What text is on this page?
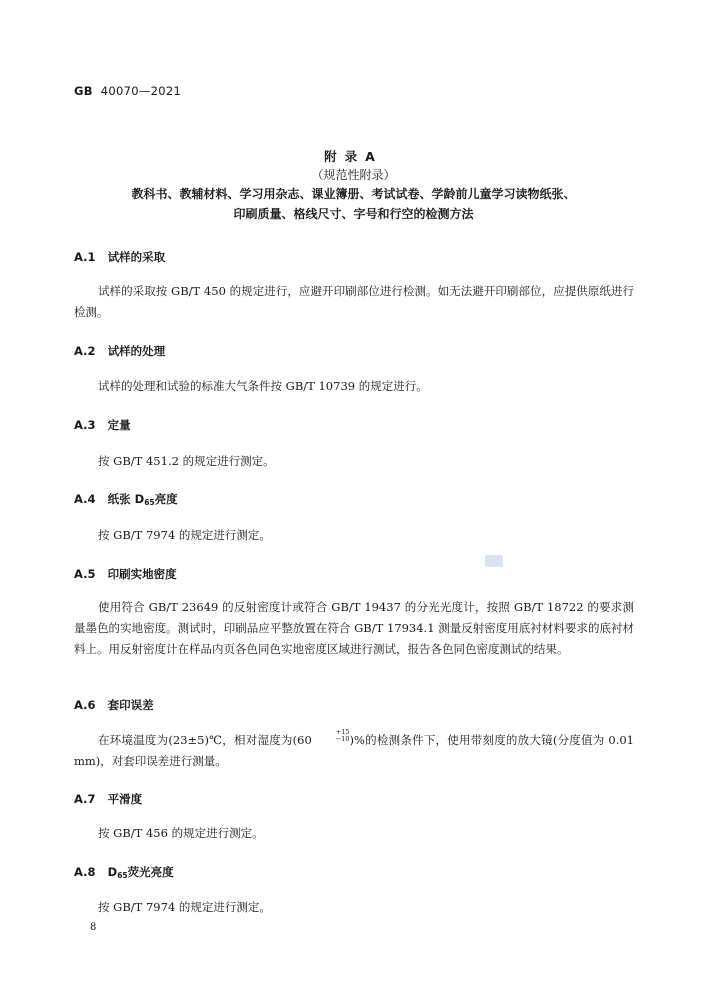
GB 40070—2021
附录A
（规范性附录）
教科书、教辅材料、学习用杂志、课业簿册、考试试卷、学龄前儿童学习读物纸张、
印刷质量、格线尺寸、字号和行空的检测方法
A.1 试样的采取
试样的采取按 GB/T 450 的规定进行，应避开印刷部位进行检测。如无法避开印刷部位，应提供原纸进行检测。
A.2 试样的处理
试样的处理和试验的标准大气条件按 GB/T 10739 的规定进行。
A.3 定量
按 GB/T 451.2 的规定进行测定。
A.4 纸张 $D_{65}$亮度
按 GB/T 7974 的规定进行测定。
A.5 印刷实地密度
使用符合 GB/T 23649 的反射密度计或符合 GB/T 19437 的分光光度计，按照 GB/T 18722 的要求测量墨色的实地密度。测试时，印刷品应平整放置在符合 GB/T 17934.1 测量反射密度用底衬材料要求的底衬材料上。用反射密度计在样品内页各色同色实地密度区域进行测试，报告各色同色密度测试的结果。
A.6 套印误差
在环境温度为(23±5)℃，相对湿度为(60
+15
−10 )%的检测条件下，使用带刻度的放大镜(分度值为 0.01 mm)，对套印误差进行测量。
A.7 平滑度
按 GB/T 456 的规定进行测定。
A.8 $D_{65}$荧光亮度
按 GB/T 7974 的规定进行测定。
8
